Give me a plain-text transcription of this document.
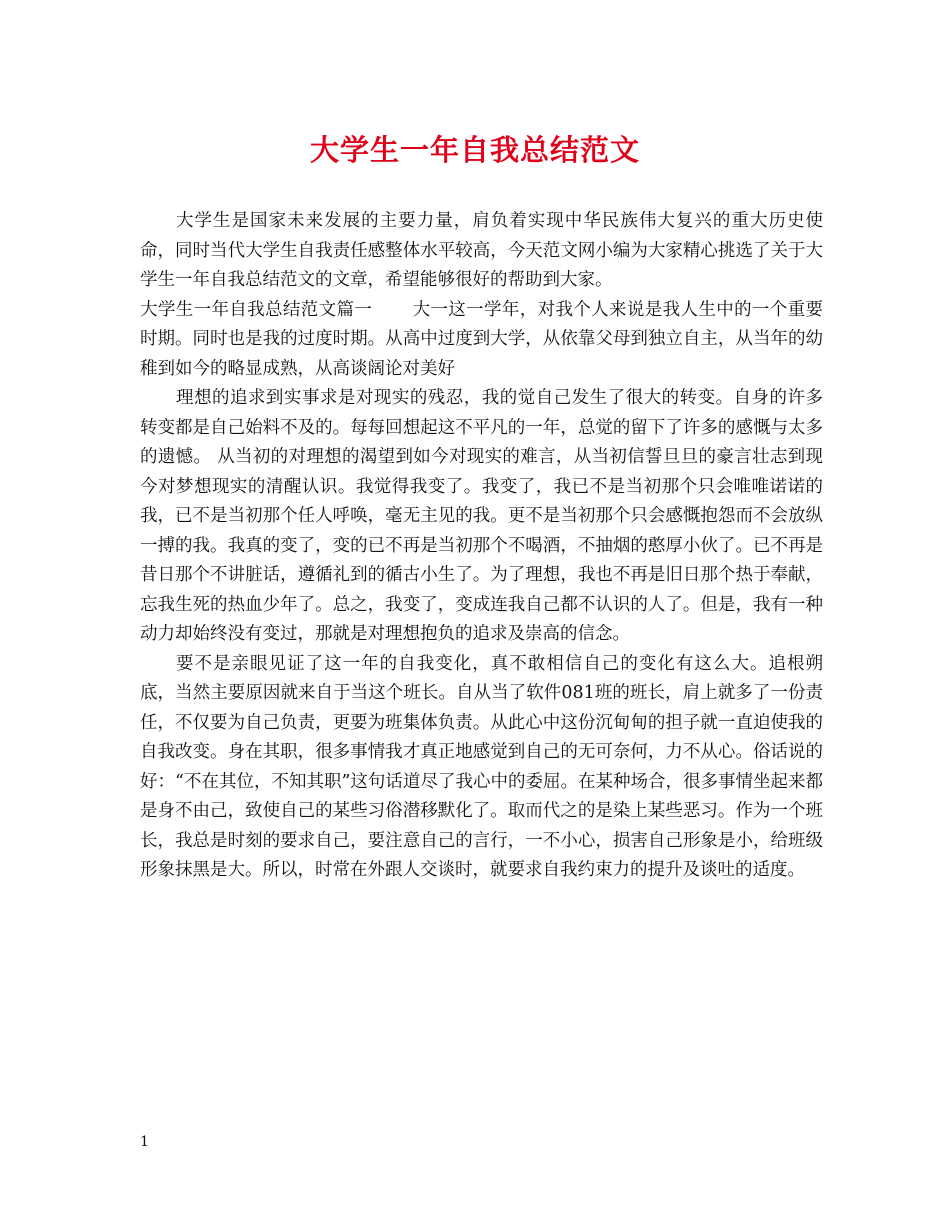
大学生一年自我总结范文

大学生是国家未来发展的主要力量，肩负着实现中华民族伟大复兴的重大历史使命，同时当代大学生自我责任感整体水平较高，今天范文网小编为大家精心挑选了关于大学生一年自我总结范文的文章，希望能够很好的帮助到大家。

大学生一年自我总结范文篇一 大一这一学年，对我个人来说是我人生中的一个重要时期。同时也是我的过度时期。从高中过度到大学，从依靠父母到独立自主，从当年的幼稚到如今的略显成熟，从高谈阔论对美好

理想的追求到实事求是对现实的残忍，我的觉自己发生了很大的转变。自身的许多转变都是自己始料不及的。每每回想起这不平凡的一年，总觉的留下了许多的感慨与太多的遗憾。 从当初的对理想的渴望到如今对现实的难言，从当初信誓旦旦的豪言壮志到现今对梦想现实的清醒认识。我觉得我变了。我变了，我已不是当初那个只会唯唯诺诺的我，已不是当初那个任人呼唤，毫无主见的我。更不是当初那个只会感慨抱怨而不会放纵一搏的我。我真的变了，变的已不再是当初那个不喝酒，不抽烟的憨厚小伙了。已不再是昔日那个不讲脏话，遵循礼到的循古小生了。为了理想，我也不再是旧日那个热于奉献，忘我生死的热血少年了。总之，我变了，变成连我自己都不认识的人了。但是，我有一种动力却始终没有变过，那就是对理想抱负的追求及崇高的信念。

要不是亲眼见证了这一年的自我变化，真不敢相信自己的变化有这么大。追根朔底，当然主要原因就来自于当这个班长。自从当了软件081班的班长，肩上就多了一份责任，不仅要为自己负责，更要为班集体负责。从此心中这份沉甸甸的担子就一直迫使我的自我改变。身在其职，很多事情我才真正地感觉到自己的无可奈何，力不从心。俗话说的好：“不在其位，不知其职”这句话道尽了我心中的委屈。在某种场合，很多事情坐起来都是身不由己，致使自己的某些习俗潜移默化了。取而代之的是染上某些恶习。作为一个班长，我总是时刻的要求自己，要注意自己的言行，一不小心，损害自己形象是小，给班级形象抹黑是大。所以，时常在外跟人交谈时，就要求自我约束力的提升及谈吐的适度。

1
